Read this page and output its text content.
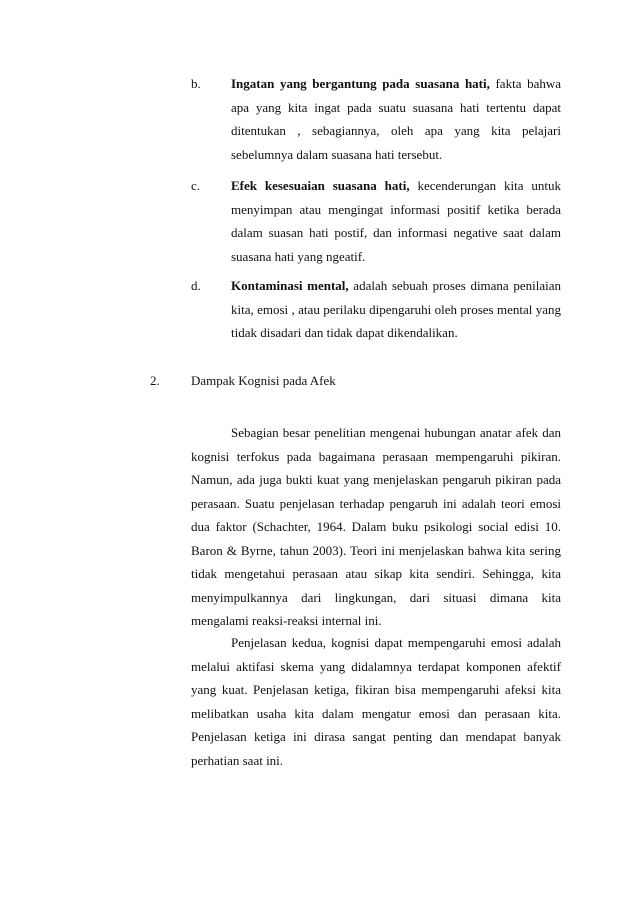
b. Ingatan yang bergantung pada suasana hati, fakta bahwa apa yang kita ingat pada suatu suasana hati tertentu dapat ditentukan , sebagiannya, oleh apa yang kita pelajari sebelumnya dalam suasana hati tersebut.
c. Efek kesesuaian suasana hati, kecenderungan kita untuk menyimpan atau mengingat informasi positif ketika berada dalam suasan hati postif, dan informasi negative saat dalam suasana hati yang ngeatif.
d. Kontaminasi mental, adalah sebuah proses dimana penilaian kita, emosi , atau perilaku dipengaruhi oleh proses mental yang tidak disadari dan tidak dapat dikendalikan.
2. Dampak Kognisi pada Afek

Sebagian besar penelitian mengenai hubungan anatar afek dan kognisi terfokus pada bagaimana perasaan mempengaruhi pikiran. Namun, ada juga bukti kuat yang menjelaskan pengaruh pikiran pada perasaan. Suatu penjelasan terhadap pengaruh ini adalah teori emosi dua faktor (Schachter, 1964. Dalam buku psikologi social edisi 10. Baron & Byrne, tahun 2003). Teori ini menjelaskan bahwa kita sering tidak mengetahui perasaan atau sikap kita sendiri. Sehingga, kita menyimpulkannya dari lingkungan, dari situasi dimana kita mengalami reaksi-reaksi internal ini.

Penjelasan kedua, kognisi dapat mempengaruhi emosi adalah melalui aktifasi skema yang didalamnya terdapat komponen afektif yang kuat. Penjelasan ketiga, fikiran bisa mempengaruhi afeksi kita melibatkan usaha kita dalam mengatur emosi dan perasaan kita. Penjelasan ketiga ini dirasa sangat penting dan mendapat banyak perhatian saat ini.
